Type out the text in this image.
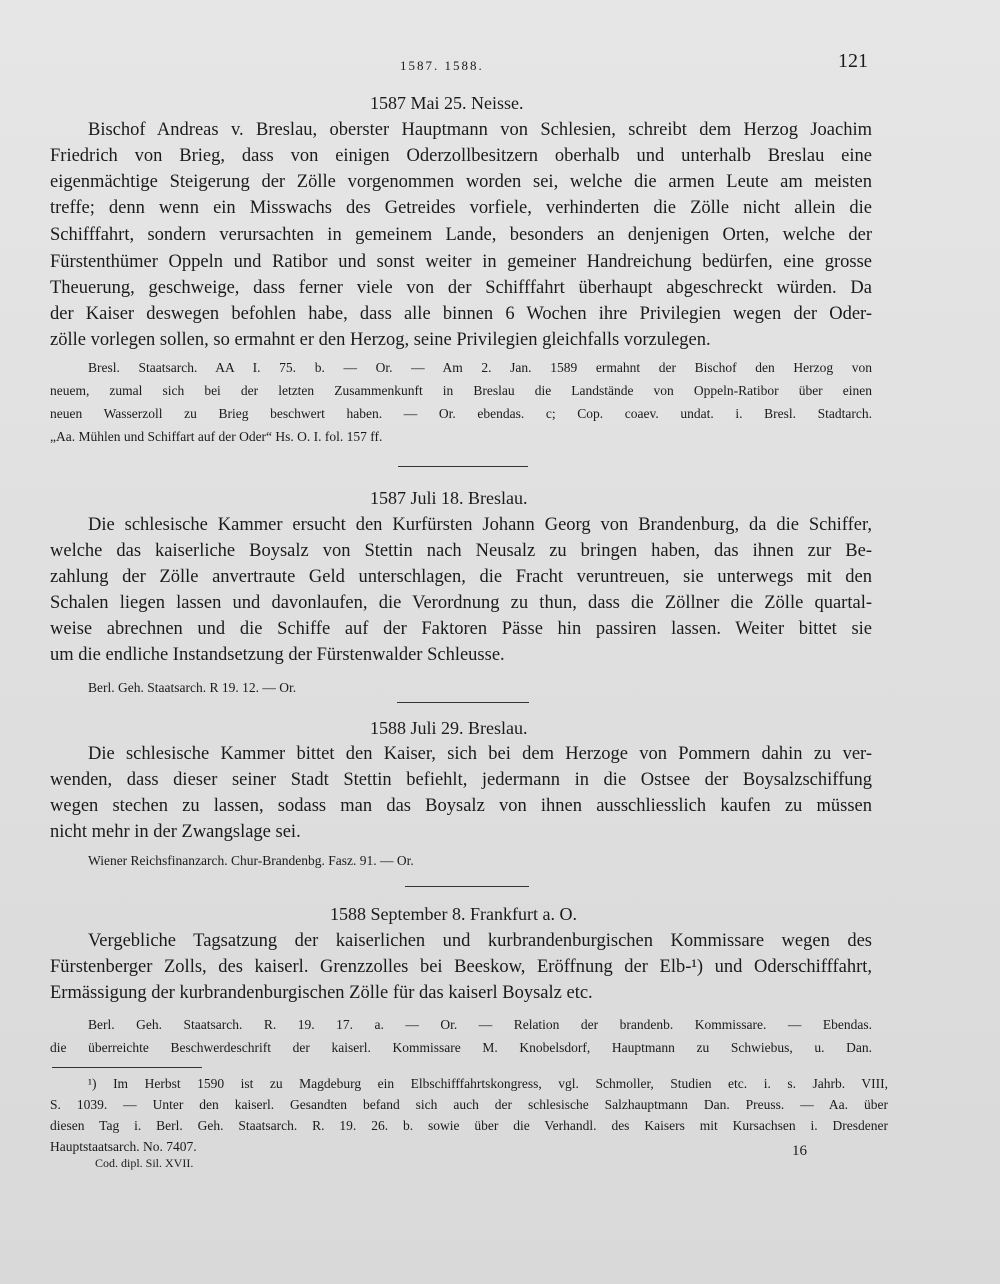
1587. 1588.	121
1587 Mai 25. Neisse.
Bischof Andreas v. Breslau, oberster Hauptmann von Schlesien, schreibt dem Herzog Joachim
Friedrich von Brieg, dass von einigen Oderzollbesitzern oberhalb und unterhalb Breslau eine
eigenmächtige Steigerung der Zölle vorgenommen worden sei, welche die armen Leute am meisten
treffe; denn wenn ein Misswachs des Getreides vorfiele, verhinderten die Zölle nicht allein die
Schifffahrt, sondern verursachten in gemeinem Lande, besonders an denjenigen Orten, welche der
Fürstenthümer Oppeln und Ratibor und sonst weiter in gemeiner Handreichung bedürfen, eine grosse
Theuerung, geschweige, dass ferner viele von der Schifffahrt überhaupt abgeschreckt würden. Da
der Kaiser deswegen befohlen habe, dass alle binnen 6 Wochen ihre Privilegien wegen der Oder-
zölle vorlegen sollen, so ermahnt er den Herzog, seine Privilegien gleichfalls vorzulegen.
Bresl. Staatsarch. AA I. 75. b. — Or. — Am 2. Jan. 1589 ermahnt der Bischof den Herzog von
neuem, zumal sich bei der letzten Zusammenkunft in Breslau die Landstände von Oppeln-Ratibor über einen
neuen Wasserzoll zu Brieg beschwert haben. — Or. ebendas. c; Cop. coaev. undat. i. Bresl. Stadtarch.
„Aa. Mühlen und Schiffart auf der Oder“ Hs. O. I. fol. 157 ff.
1587 Juli 18. Breslau.
Die schlesische Kammer ersucht den Kurfürsten Johann Georg von Brandenburg, da die Schiffer,
welche das kaiserliche Boysalz von Stettin nach Neusalz zu bringen haben, das ihnen zur Be-
zahlung der Zölle anvertraute Geld unterschlagen, die Fracht veruntreuen, sie unterwegs mit den
Schalen liegen lassen und davonlaufen, die Verordnung zu thun, dass die Zöllner die Zölle quartal-
weise abrechnen und die Schiffe auf der Faktoren Pässe hin passiren lassen. Weiter bittet sie
um die endliche Instandsetzung der Fürstenwalder Schleusse.
Berl. Geh. Staatsarch. R 19. 12. — Or.
1588 Juli 29. Breslau.
Die schlesische Kammer bittet den Kaiser, sich bei dem Herzoge von Pommern dahin zu ver-
wenden, dass dieser seiner Stadt Stettin befiehlt, jedermann in die Ostsee der Boysalzschiffung
wegen stechen zu lassen, sodass man das Boysalz von ihnen ausschliesslich kaufen zu müssen
nicht mehr in der Zwangslage sei.
Wiener Reichsfinanzarch. Chur-Brandenbg. Fasz. 91. — Or.
1588 September 8. Frankfurt a. O.
Vergebliche Tagsatzung der kaiserlichen und kurbrandenburgischen Kommissare wegen des
Fürstenberger Zolls, des kaiserl. Grenzzolles bei Beeskow, Eröffnung der Elb-¹) und Oderschifffahrt,
Ermässigung der kurbrandenburgischen Zölle für das kaiserl Boysalz etc.
Berl. Geh. Staatsarch. R. 19. 17. a. — Or. — Relation der brandenb. Kommissare. — Ebendas.
die überreichte Beschwerdeschrift der kaiserl. Kommissare M. Knobelsdorf, Hauptmann zu Schwiebus, u. Dan.
¹) Im Herbst 1590 ist zu Magdeburg ein Elbschifffahrtskongress, vgl. Schmoller, Studien etc. i. s. Jahrb. VIII,
S. 1039. — Unter den kaiserl. Gesandten befand sich auch der schlesische Salzhauptmann Dan. Preuss. — Aa. über
diesen Tag i. Berl. Geh. Staatsarch. R. 19. 26. b. sowie über die Verhandl. des Kaisers mit Kursachsen i. Dresdener
Hauptstaatsarch. No. 7407.
Cod. dipl. Sil. XVII.
16
